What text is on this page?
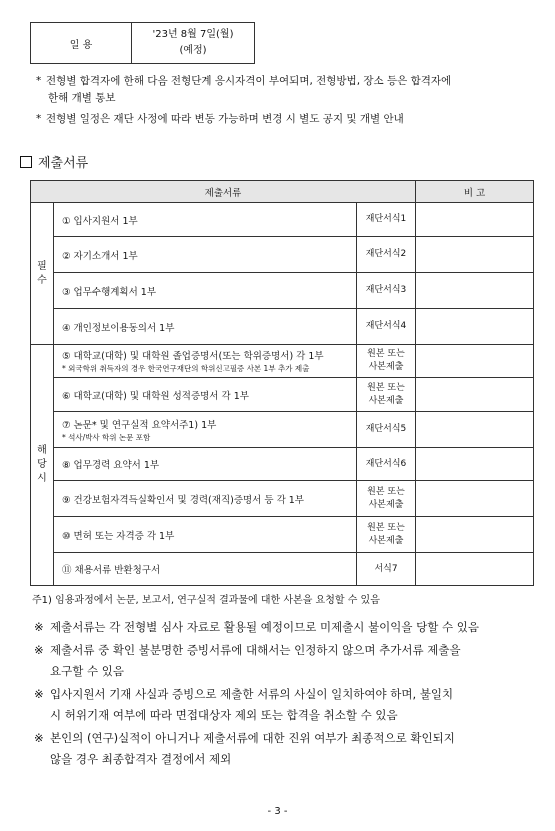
일 용	
'23년 8월 7일(월)
(예정)

* 전형별 합격자에 한해 다음 전형단계 응시자격이 부여되며, 전형방법, 장소 등은 합격자에
한해 개별 통보
* 전형별 일정은 재단 사정에 따라 변동 가능하며 변경 시 별도 공지 및 개별 안내
제출서류
제출서류			비 고
필
수	① 입사지원서 1부	재단서식1	
	② 자기소개서 1부	재단서식2	
	③ 업무수행계획서 1부	재단서식3	
	④ 개인정보이용동의서 1부	재단서식4	
해
당
시	⑤ 대학교(대학) 및 대학원 졸업증명서(또는 학위증명서) 각 1부
* 외국학위 취득자의 경우 한국연구재단의 학위신고필증 사본 1부 추가 제출	원본 또는
사본제출	
	⑥ 대학교(대학) 및 대학원 성적증명서 각 1부	원본 또는
사본제출	
	⑦ 논문* 및 연구실적 요약서주1) 1부
* 석사/박사 학위 논문 포함	재단서식5	
	⑧ 업무경력 요약서 1부	재단서식6	
	⑨ 건강보험자격득실확인서 및 경력(재직)증명서 등 각 1부	원본 또는
사본제출	
	⑩ 면허 또는 자격증 각 1부	원본 또는
사본제출	
	⑪ 채용서류 반환청구서	서식7	
주1) 임용과정에서 논문, 보고서, 연구실적 결과물에 대한 사본을 요청할 수 있음
※ 제출서류는 각 전형별 심사 자료로 활용될 예정이므로 미제출시 불이익을 당할 수 있음
※ 제출서류 중 확인 불분명한 증빙서류에 대해서는 인정하지 않으며 추가서류 제출을
요구할 수 있음
※ 입사지원서 기재 사실과 증빙으로 제출한 서류의 사실이 일치하여야 하며, 불일치
시 허위기재 여부에 따라 면접대상자 제외 또는 합격을 취소할 수 있음
※ 본인의 (연구)실적이 아니거나 제출서류에 대한 진위 여부가 최종적으로 확인되지
않을 경우 최종합격자 결정에서 제외
- 3 -
